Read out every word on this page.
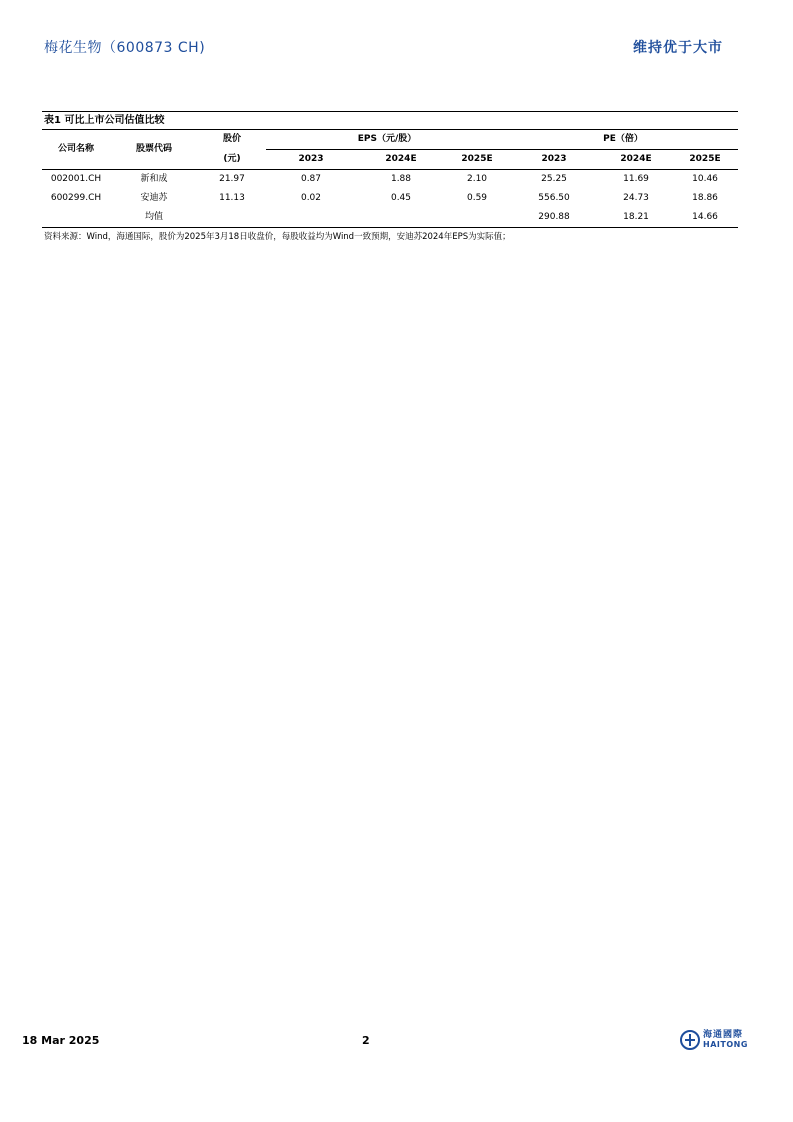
梅花生物（600873 CH)	维持优于大市
表1 可比上市公司估值比较
公司名称	股票代码	股价	EPS（元/股）			PE（倍）		
		(元)	2023	2024E	2025E	2023	2024E	2025E
002001.CH	新和成	21.97	0.87	1.88	2.10	25.25	11.69	10.46
600299.CH	安迪苏	11.13	0.02	0.45	0.59	556.50	24.73	18.86
	均值					290.88	18.21	14.66
资料来源：Wind，海通国际，股价为2025年3月18日收盘价，每股收益均为Wind一致预期，安迪苏2024年EPS为实际值；
18 Mar 2025	2	海通國際
HAITONG
